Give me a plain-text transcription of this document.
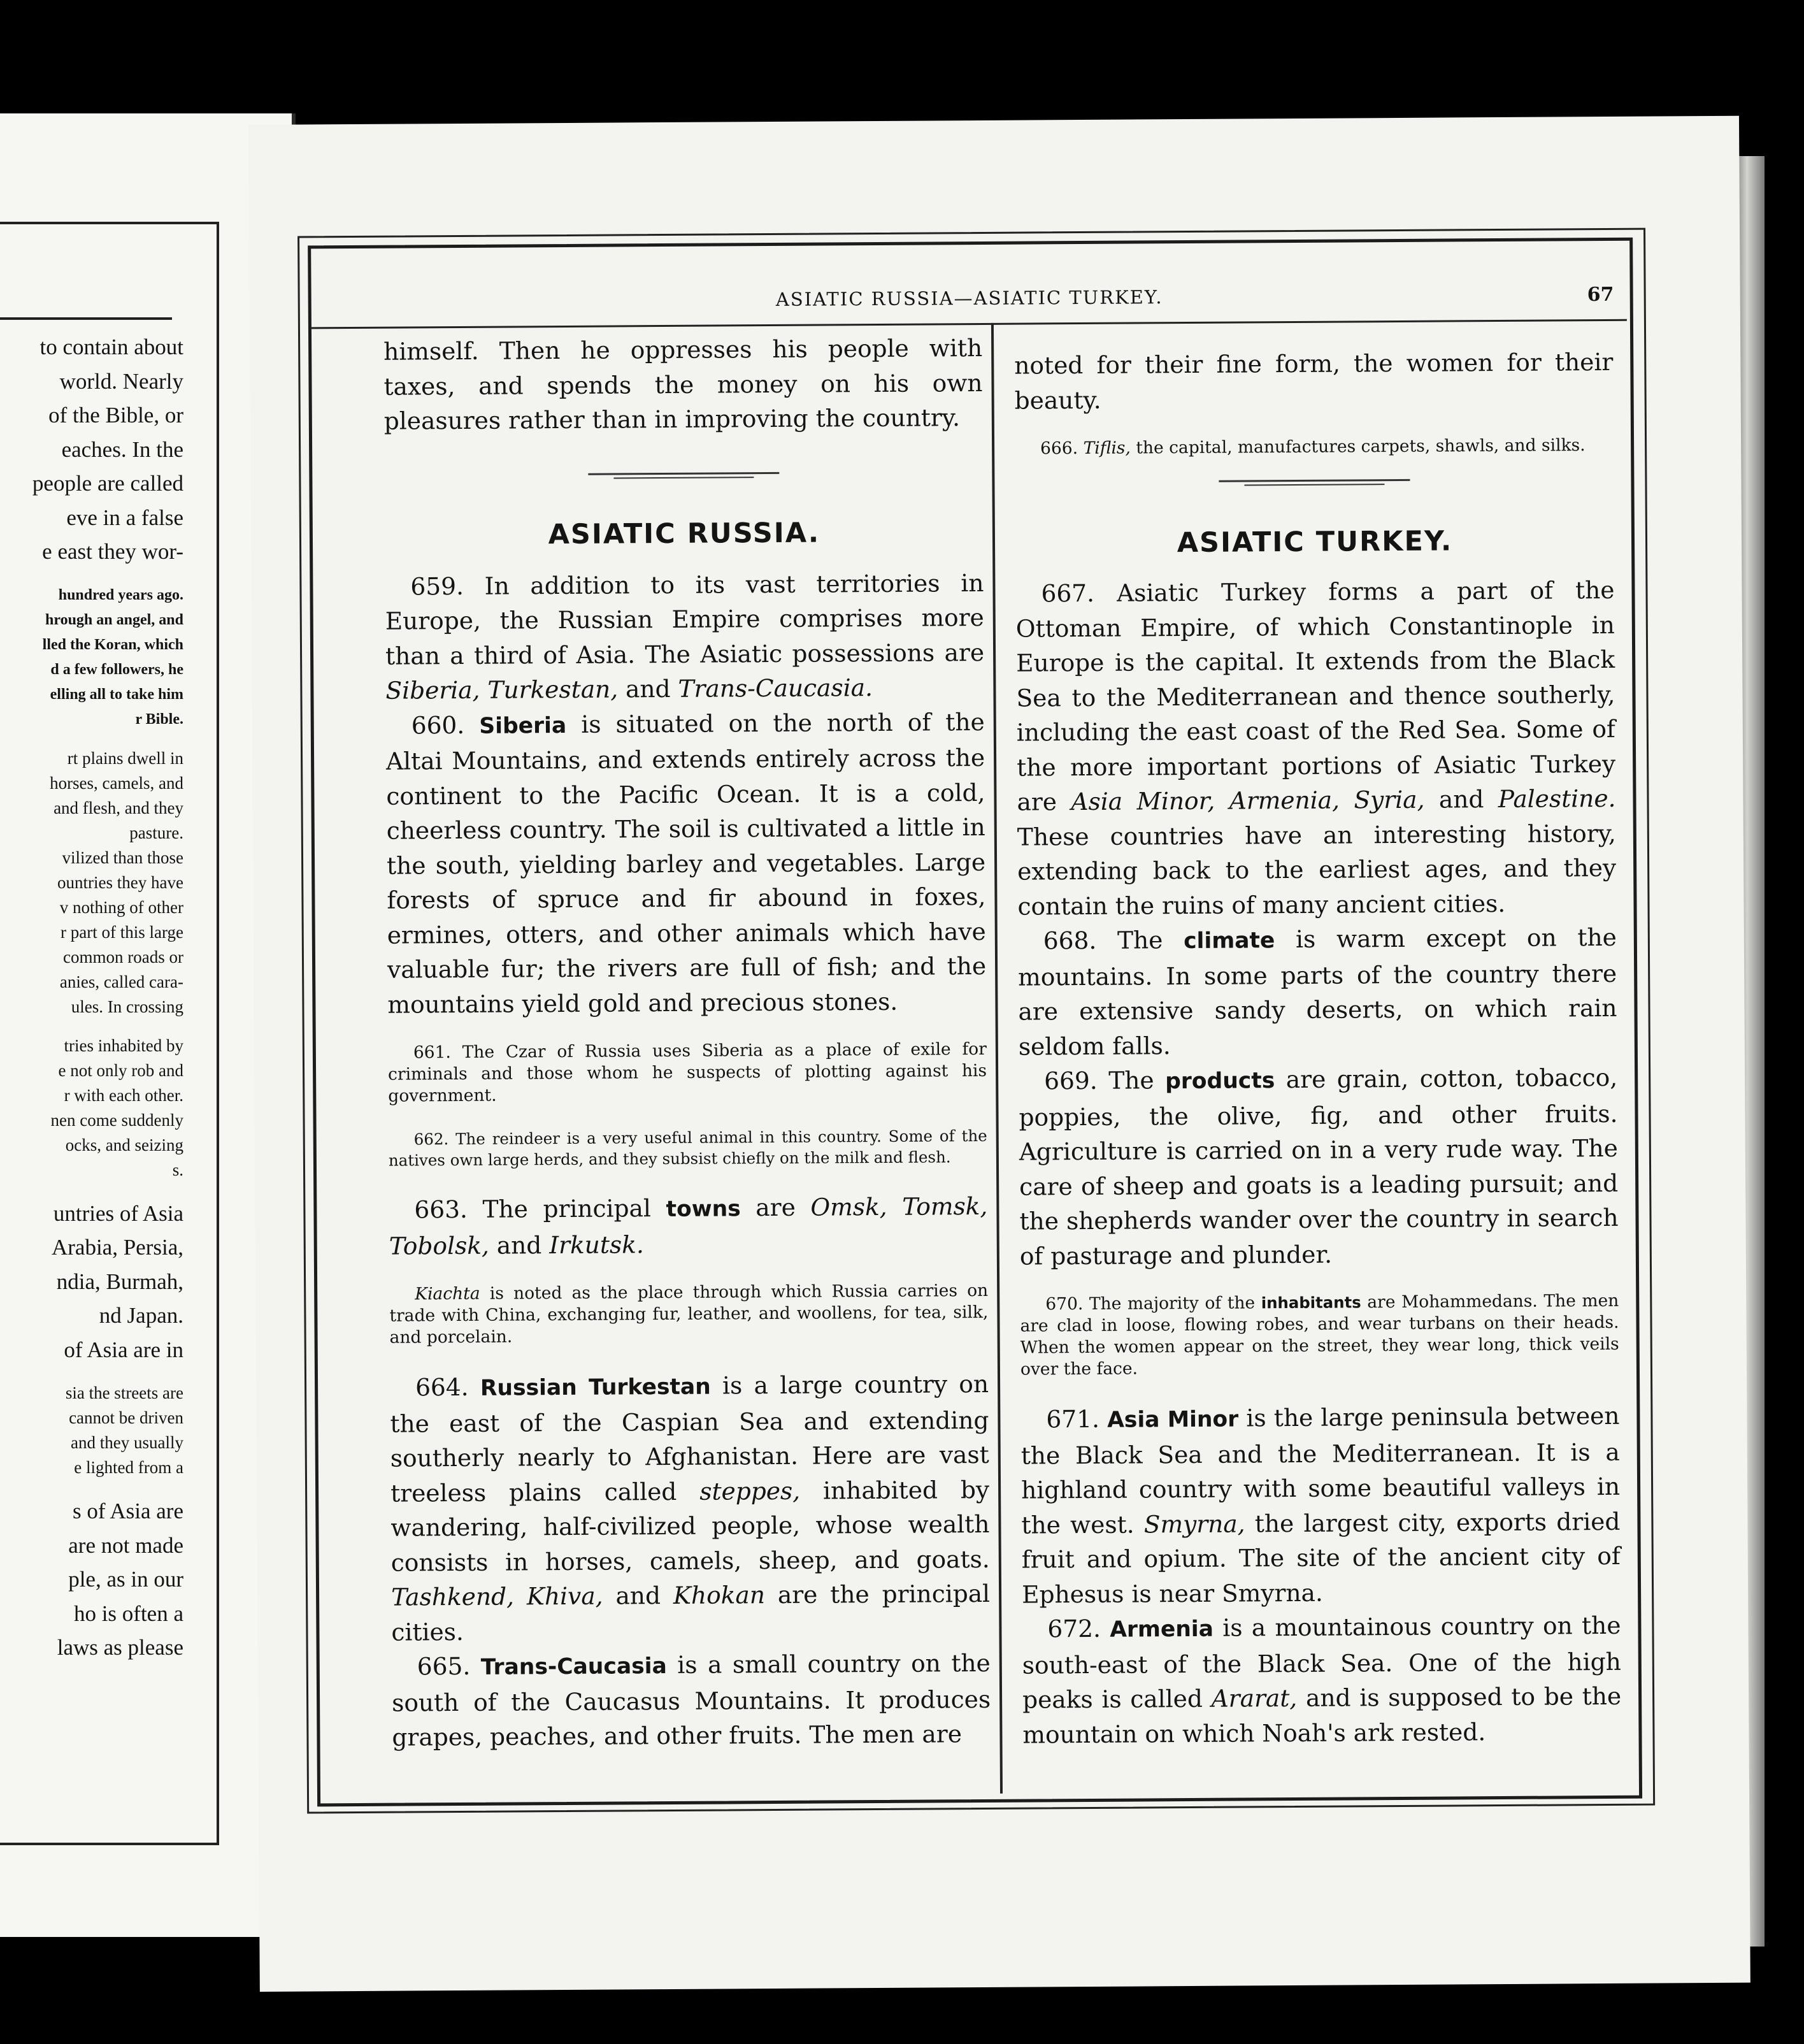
to contain about
world. Nearly
of the Bible, or
eaches. In the
people are called
eve in a false
e east they wor-
hundred years ago.
hrough an angel, and
lled the Koran, which
d a few followers, he
elling all to take him
r Bible.
rt plains dwell in
horses, camels, and
and flesh, and they
pasture.
vilized than those
ountries they have
v nothing of other
r part of this large
common roads or
anies, called cara-
ules. In crossing
tries inhabited by
e not only rob and
r with each other.
nen come suddenly
ocks, and seizing
s.
untries of Asia
Arabia, Persia,
ndia, Burmah,
nd Japan.
of Asia are in
sia the streets are
cannot be driven
and they usually
e lighted from a
s of Asia are
are not made
ple, as in our
ho is often a
laws as please
ASIATIC RUSSIA—ASIATIC TURKEY.	67

himself. Then he oppresses his people with taxes, and spends the money on his own pleasures rather than in improving the country.

ASIATIC RUSSIA.

659. In addition to its vast territories in Europe, the Russian Empire comprises more than a third of Asia. The Asiatic possessions are Siberia, Turkestan, and Trans-Caucasia.

660. Siberia is situated on the north of the Altai Mountains, and extends entirely across the continent to the Pacific Ocean. It is a cold, cheerless country. The soil is cultivated a little in the south, yielding barley and vegetables. Large forests of spruce and fir abound in foxes, ermines, otters, and other animals which have valuable fur; the rivers are full of fish; and the mountains yield gold and precious stones.

661. The Czar of Russia uses Siberia as a place of exile for criminals and those whom he suspects of plotting against his government.

662. The reindeer is a very useful animal in this country. Some of the natives own large herds, and they subsist chiefly on the milk and flesh.

663. The principal towns are Omsk, Tomsk, Tobolsk, and Irkutsk.

Kiachta is noted as the place through which Russia carries on trade with China, exchanging fur, leather, and woollens, for tea, silk, and porcelain.

664. Russian Turkestan is a large country on the east of the Caspian Sea and extending southerly nearly to Afghanistan. Here are vast treeless plains called steppes, inhabited by wandering, half-civilized people, whose wealth consists in horses, camels, sheep, and goats. Tashkend, Khiva, and Khokan are the principal cities.

665. Trans-Caucasia is a small country on the south of the Caucasus Mountains. It produces grapes, peaches, and other fruits. The men are

noted for their fine form, the women for their beauty.

666. Tiflis, the capital, manufactures carpets, shawls, and silks.

ASIATIC TURKEY.

667. Asiatic Turkey forms a part of the Ottoman Empire, of which Constantinople in Europe is the capital. It extends from the Black Sea to the Mediterranean and thence southerly, including the east coast of the Red Sea. Some of the more important portions of Asiatic Turkey are Asia Minor, Armenia, Syria, and Palestine. These countries have an interesting history, extending back to the earliest ages, and they contain the ruins of many ancient cities.

668. The climate is warm except on the mountains. In some parts of the country there are extensive sandy deserts, on which rain seldom falls.

669. The products are grain, cotton, tobacco, poppies, the olive, fig, and other fruits. Agriculture is carried on in a very rude way. The care of sheep and goats is a leading pursuit; and the shepherds wander over the country in search of pasturage and plunder.

670. The majority of the inhabitants are Mohammedans. The men are clad in loose, flowing robes, and wear turbans on their heads. When the women appear on the street, they wear long, thick veils over the face.

671. Asia Minor is the large peninsula between the Black Sea and the Mediterranean. It is a highland country with some beautiful valleys in the west. Smyrna, the largest city, exports dried fruit and opium. The site of the ancient city of Ephesus is near Smyrna.

672. Armenia is a mountainous country on the south-east of the Black Sea. One of the high peaks is called Ararat, and is supposed to be the mountain on which Noah's ark rested.
